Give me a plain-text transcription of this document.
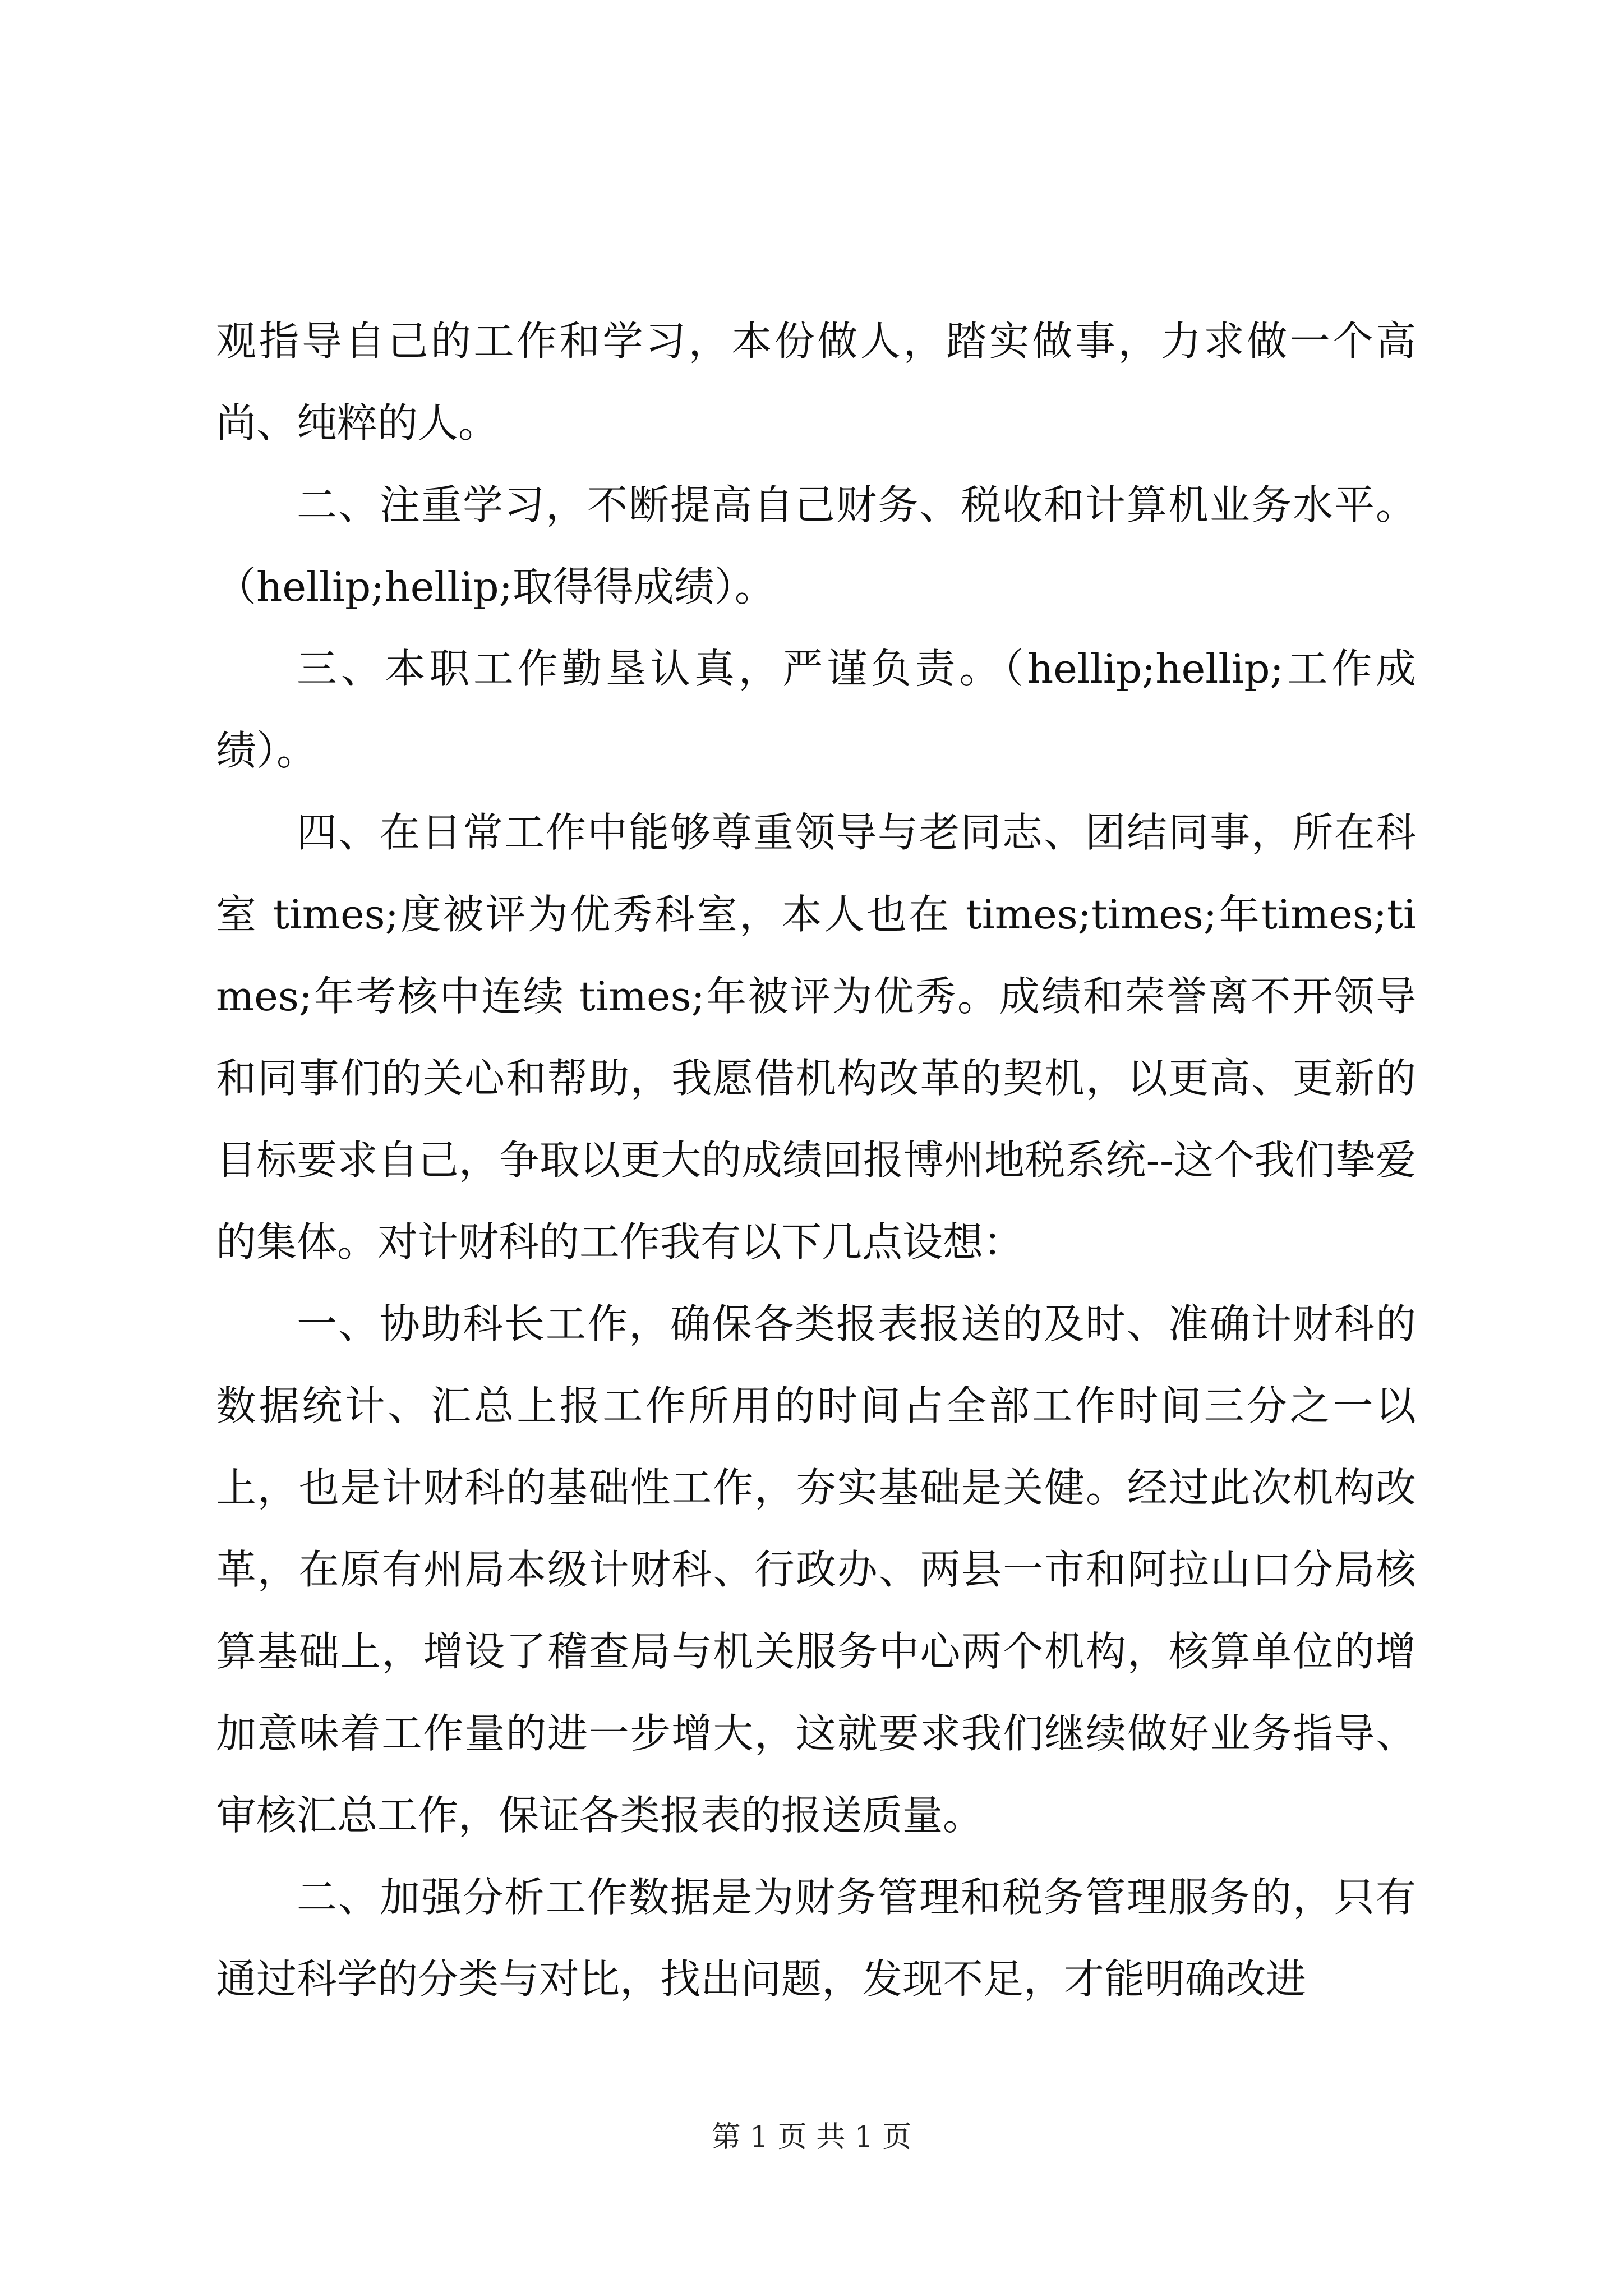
观指导自己的工作和学习，本份做人，踏实做事，力求做一个高尚、纯粹的人。

二、注重学习，不断提高自己财务、税收和计算机业务水平。（hellip;hellip;取得得成绩）。

三、本职工作勤垦认真，严谨负责。（hellip;hellip;工作成绩）。

四、在日常工作中能够尊重领导与老同志、团结同事，所在科室 times;度被评为优秀科室，本人也在 times;times;年times;times;年考核中连续 times;年被评为优秀。成绩和荣誉离不开领导和同事们的关心和帮助，我愿借机构改革的契机，以更高、更新的目标要求自己，争取以更大的成绩回报博州地税系统--这个我们挚爱的集体。对计财科的工作我有以下几点设想：

一、协助科长工作，确保各类报表报送的及时、准确计财科的数据统计、汇总上报工作所用的时间占全部工作时间三分之一以上，也是计财科的基础性工作，夯实基础是关健。经过此次机构改革，在原有州局本级计财科、行政办、两县一市和阿拉山口分局核算基础上，增设了稽查局与机关服务中心两个机构，核算单位的增加意味着工作量的进一步增大，这就要求我们继续做好业务指导、审核汇总工作，保证各类报表的报送质量。

二、加强分析工作数据是为财务管理和税务管理服务的，只有通过科学的分类与对比，找出问题，发现不足，才能明确改进

第 1 页 共 1 页
